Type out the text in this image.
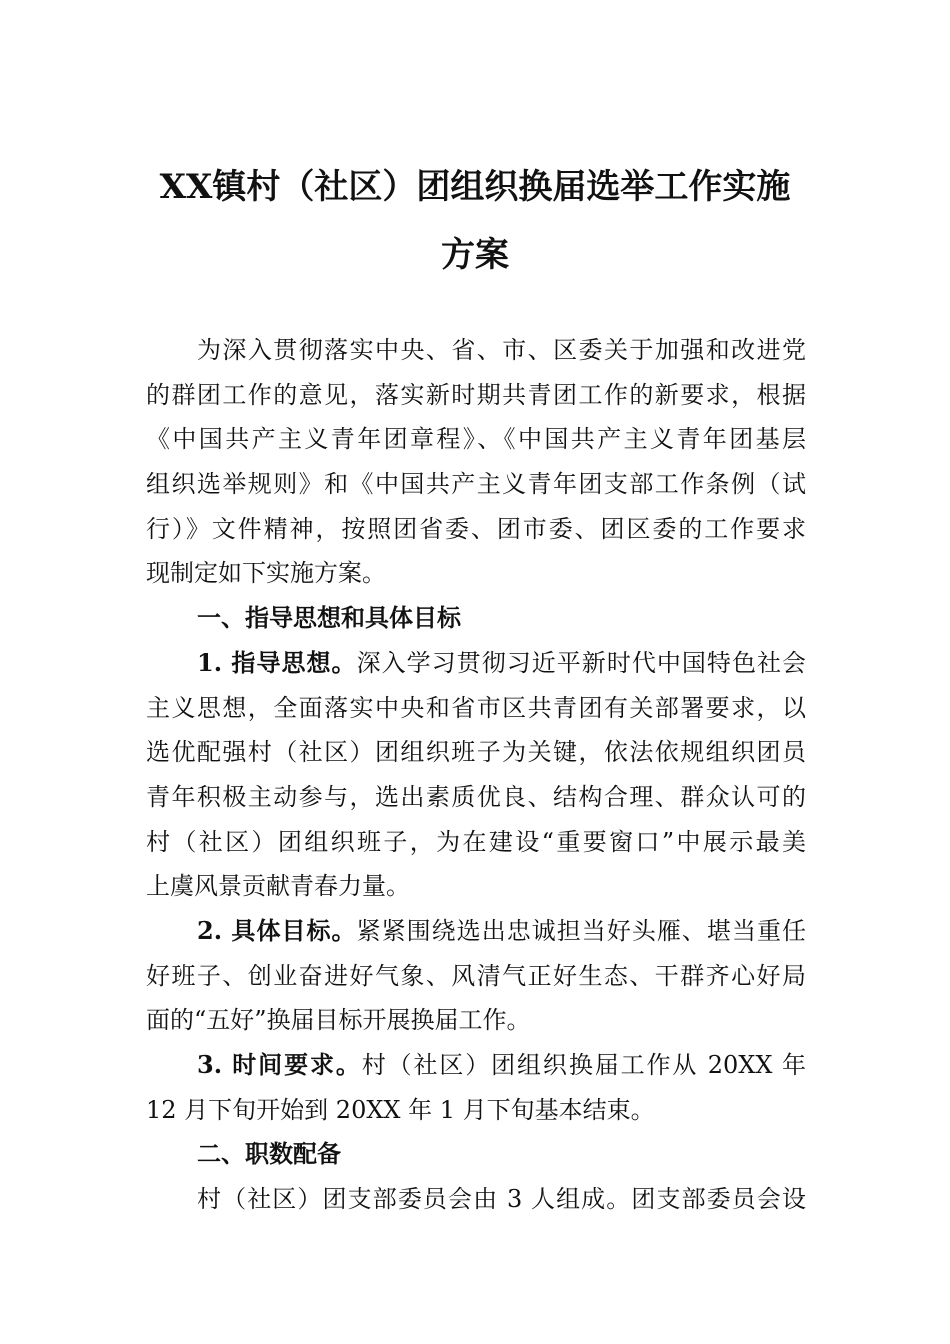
XX镇村（社区）团组织换届选举工作实施
方案
为深入贯彻落实中央、省、市、区委关于加强和改进党
的群团工作的意见，落实新时期共青团工作的新要求，根据
《中国共产主义青年团章程》、《中国共产主义青年团基层
组织选举规则》和《中国共产主义青年团支部工作条例（试
行）》文件精神，按照团省委、团市委、团区委的工作要求
现制定如下实施方案。
一、指导思想和具体目标
1. 指导思想。深入学习贯彻习近平新时代中国特色社会
主义思想，全面落实中央和省市区共青团有关部署要求，以
选优配强村（社区）团组织班子为关键，依法依规组织团员
青年积极主动参与，选出素质优良、结构合理、群众认可的
村（社区）团组织班子，为在建设“重要窗口”中展示最美
上虞风景贡献青春力量。
2. 具体目标。紧紧围绕选出忠诚担当好头雁、堪当重任
好班子、创业奋进好气象、风清气正好生态、干群齐心好局
面的“五好”换届目标开展换届工作。
3. 时间要求。村（社区）团组织换届工作从 20XX 年
12 月下旬开始到 20XX 年 1 月下旬基本结束。
二、职数配备
村（社区）团支部委员会由 3 人组成。团支部委员会设
